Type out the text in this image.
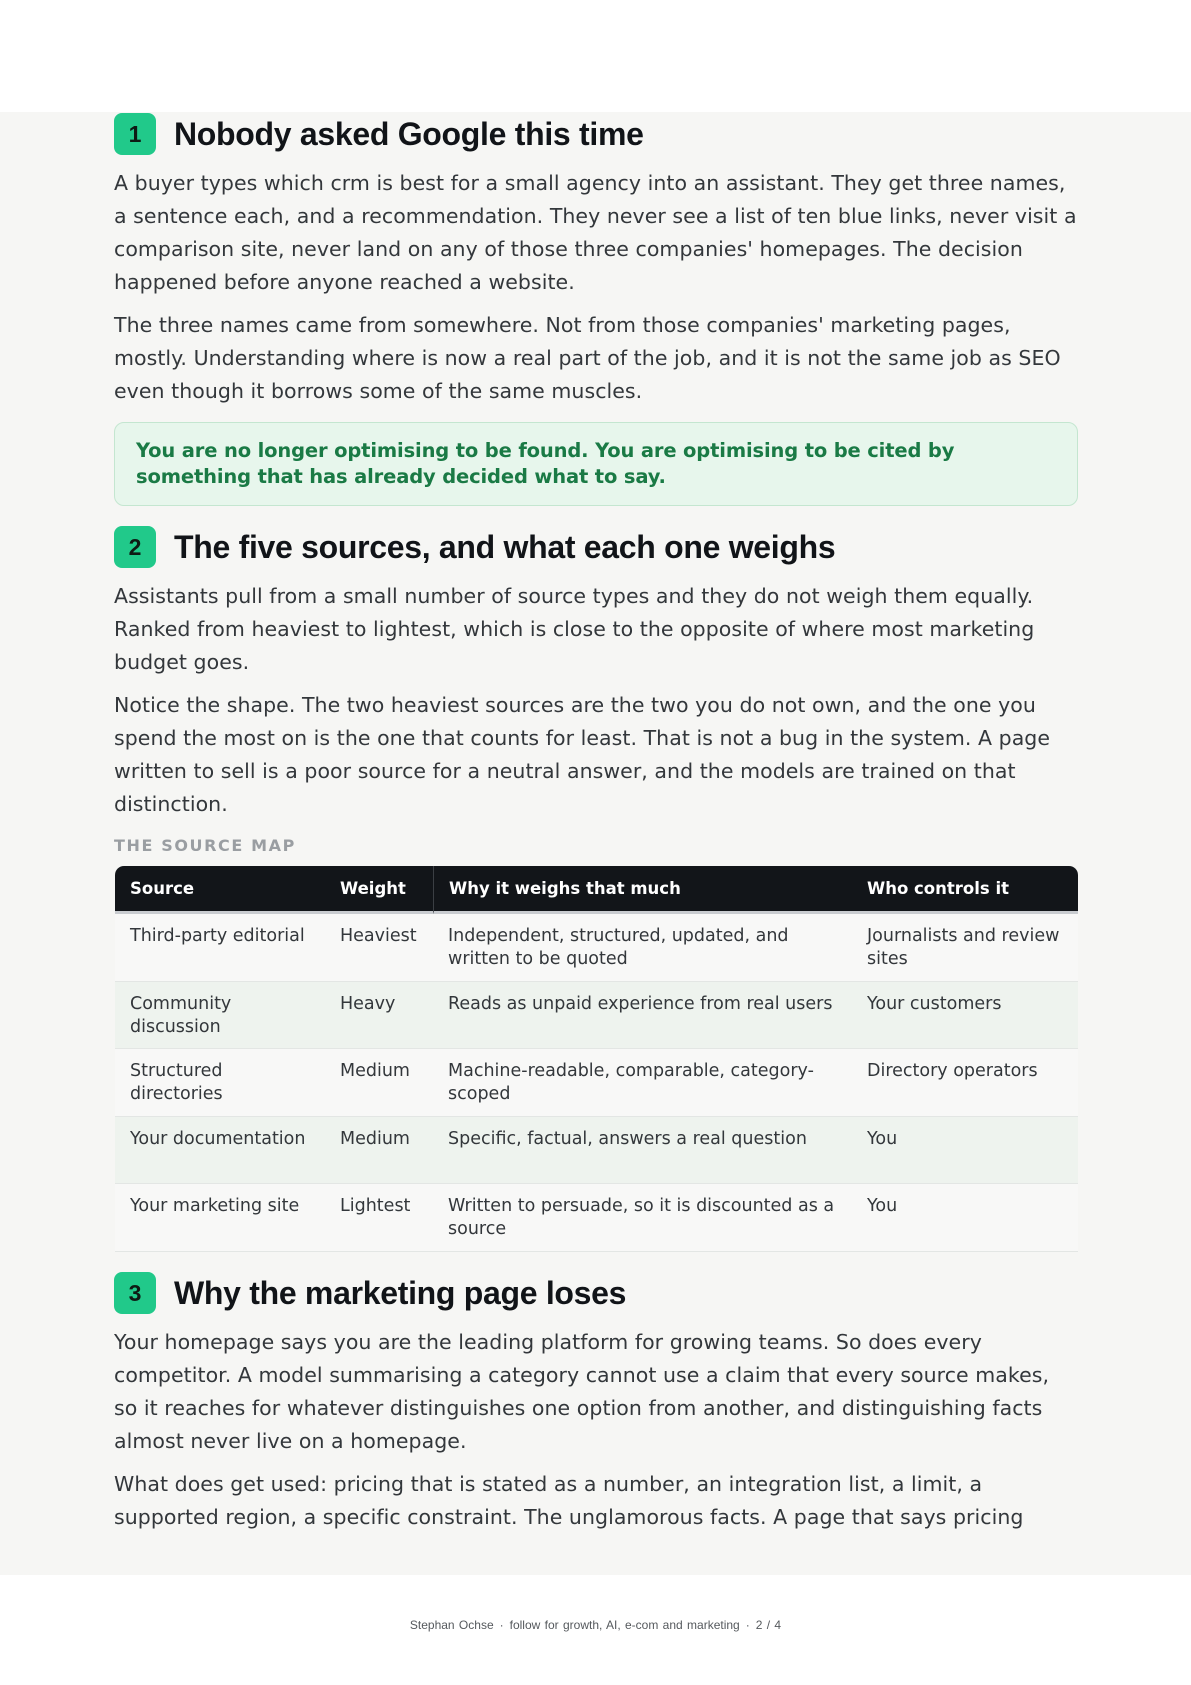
1	Nobody asked Google this time

A buyer types which crm is best for a small agency into an assistant. They get three names, a sentence each, and a recommendation. They never see a list of ten blue links, never visit a comparison site, never land on any of those three companies' homepages. The decision happened before anyone reached a website.

The three names came from somewhere. Not from those companies' marketing pages, mostly. Understanding where is now a real part of the job, and it is not the same job as SEO even though it borrows some of the same muscles.

You are no longer optimising to be found. You are optimising to be cited by something that has already decided what to say.
2	The five sources, and what each one weighs

Assistants pull from a small number of source types and they do not weigh them equally. Ranked from heaviest to lightest, which is close to the opposite of where most marketing budget goes.

Notice the shape. The two heaviest sources are the two you do not own, and the one you spend the most on is the one that counts for least. That is not a bug in the system. A page written to sell is a poor source for a neutral answer, and the models are trained on that distinction.

THE SOURCE MAP
Source	Weight	Why it weighs that much	Who controls it
Third-party editorial	Heaviest	Independent, structured, updated, and written to be quoted	Journalists and review sites
Community discussion	Heavy	Reads as unpaid experience from real users	Your customers
Structured directories	Medium	Machine-readable, comparable, category-scoped	Directory operators
Your documentation	Medium	Specific, factual, answers a real question	You
Your marketing site	Lightest	Written to persuade, so it is discounted as a source	You
3	Why the marketing page loses

Your homepage says you are the leading platform for growing teams. So does every competitor. A model summarising a category cannot use a claim that every source makes, so it reaches for whatever distinguishes one option from another, and distinguishing facts almost never live on a homepage.

What does get used: pricing that is stated as a number, an integration list, a limit, a supported region, a specific constraint. The unglamorous facts. A page that says pricing

Stephan Ochse · follow for growth, AI, e-com and marketing · 2 / 4
